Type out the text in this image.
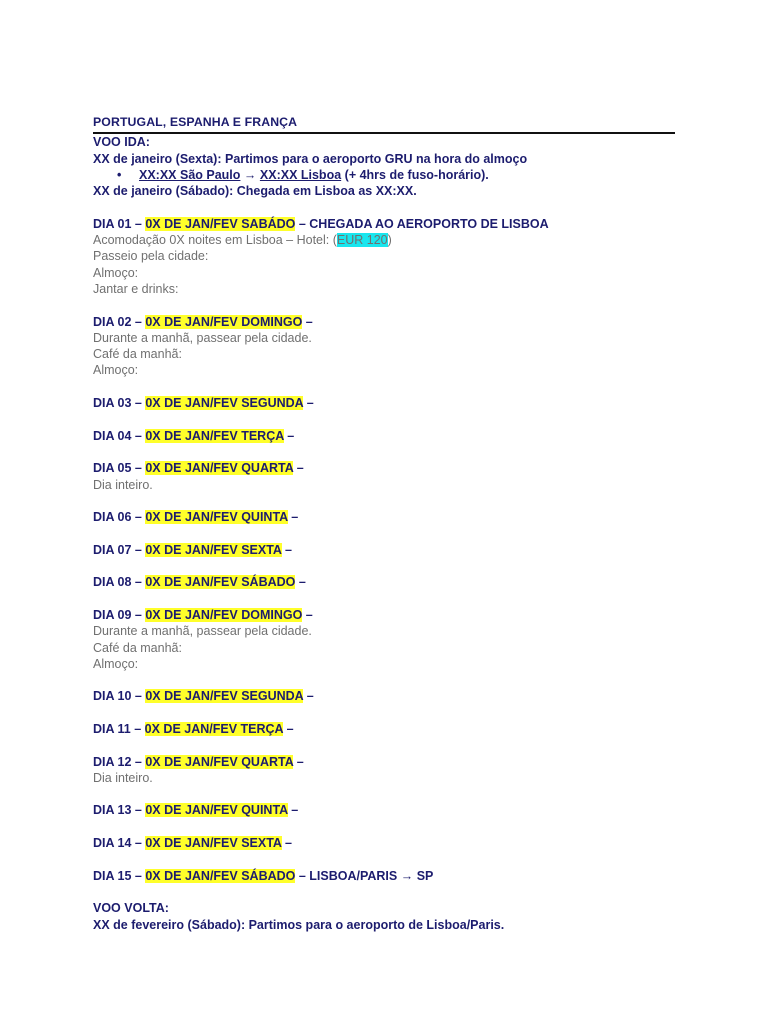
PORTUGAL, ESPANHA E FRANÇA
VOO IDA:
XX de janeiro (Sexta): Partimos para o aeroporto GRU na hora do almoço
• XX:XX São Paulo → XX:XX Lisboa (+ 4hrs de fuso-horário).
XX de janeiro (Sábado): Chegada em Lisboa as XX:XX.
DIA 01 – 0X DE JAN/FEV SABÁDO – CHEGADA AO AEROPORTO DE LISBOA
Acomodação 0X noites em Lisboa – Hotel: (EUR 120)
Passeio pela cidade:
Almoço:
Jantar e drinks:
DIA 02 – 0X DE JAN/FEV DOMINGO –
Durante a manhã, passear pela cidade.
Café da manhã:
Almoço:
DIA 03 – 0X DE JAN/FEV SEGUNDA –
DIA 04 – 0X DE JAN/FEV TERÇA –
DIA 05 – 0X DE JAN/FEV QUARTA –
Dia inteiro.
DIA 06 – 0X DE JAN/FEV QUINTA –
DIA 07 – 0X DE JAN/FEV SEXTA –
DIA 08 – 0X DE JAN/FEV SÁBADO –
DIA 09 – 0X DE JAN/FEV DOMINGO –
Durante a manhã, passear pela cidade.
Café da manhã:
Almoço:
DIA 10 – 0X DE JAN/FEV SEGUNDA –
DIA 11 – 0X DE JAN/FEV TERÇA –
DIA 12 – 0X DE JAN/FEV QUARTA –
Dia inteiro.
DIA 13 – 0X DE JAN/FEV QUINTA –
DIA 14 – 0X DE JAN/FEV SEXTA –
DIA 15 – 0X DE JAN/FEV SÁBADO – LISBOA/PARIS → SP
VOO VOLTA:
XX de fevereiro (Sábado): Partimos para o aeroporto de Lisboa/Paris.
